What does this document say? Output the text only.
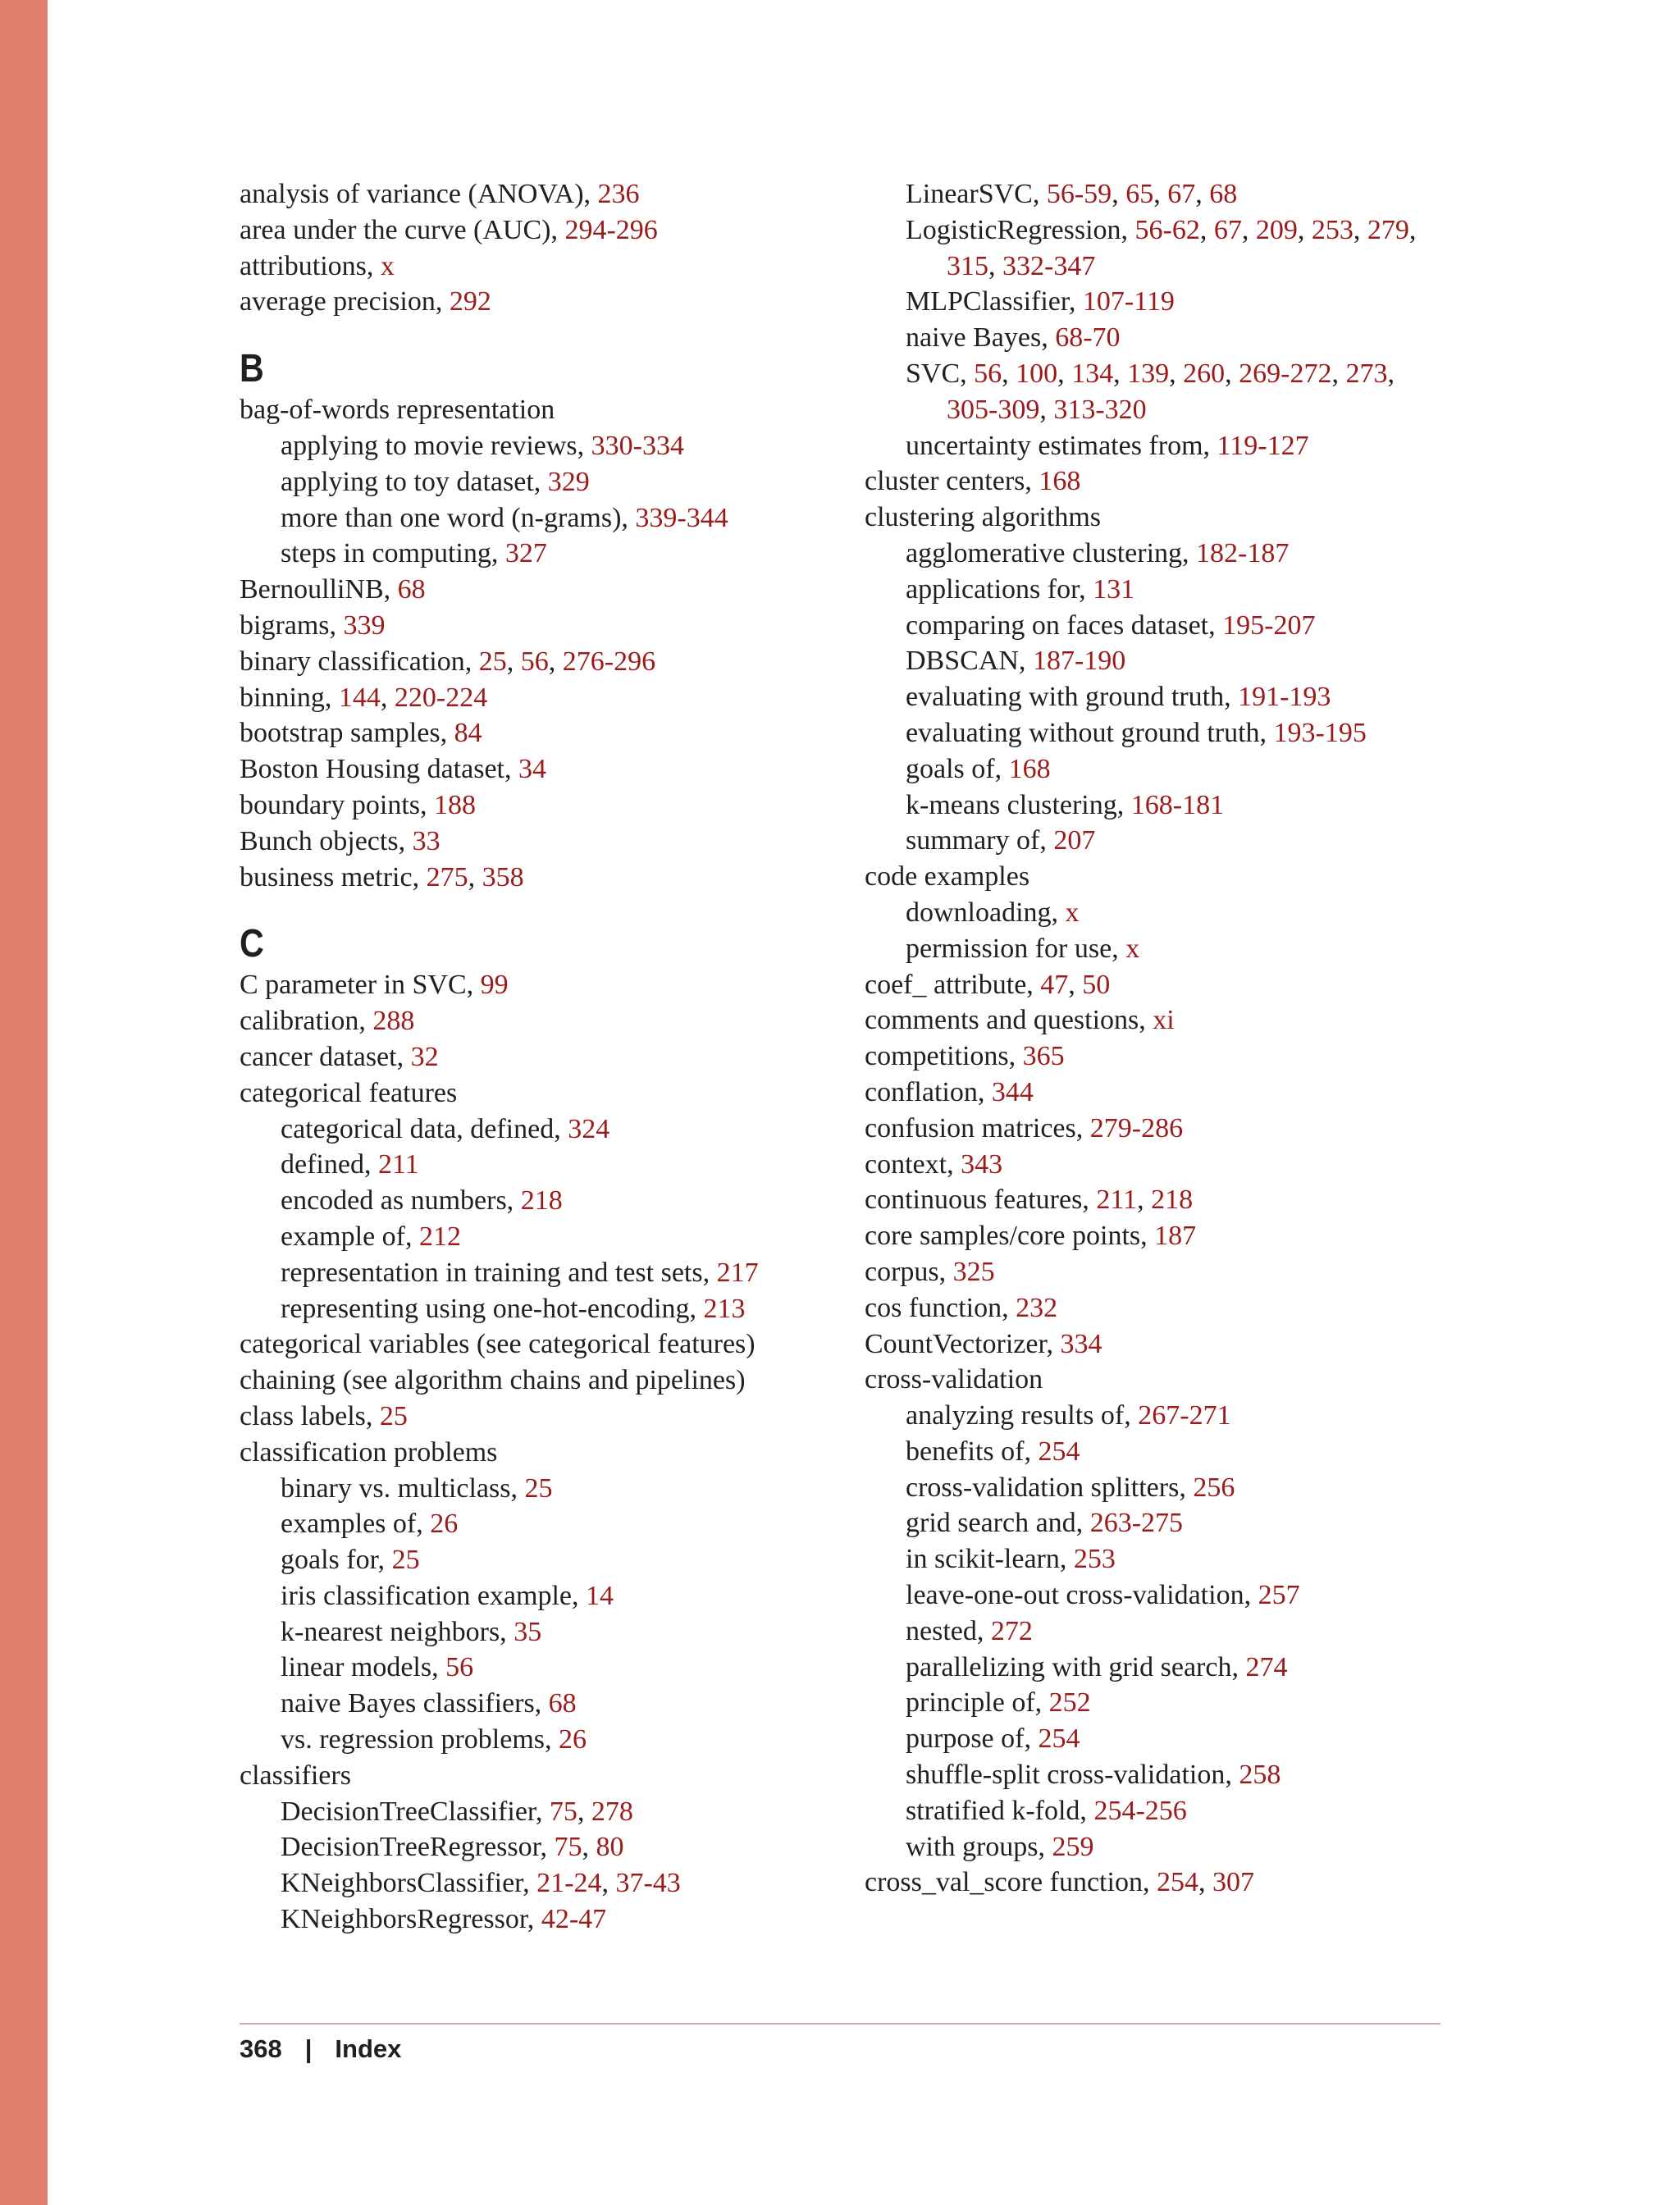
analysis of variance (ANOVA), 236
area under the curve (AUC), 294-296
attributions, x
average precision, 292
B
bag-of-words representation
applying to movie reviews, 330-334
applying to toy dataset, 329
more than one word (n-grams), 339-344
steps in computing, 327
BernoulliNB, 68
bigrams, 339
binary classification, 25, 56, 276-296
binning, 144, 220-224
bootstrap samples, 84
Boston Housing dataset, 34
boundary points, 188
Bunch objects, 33
business metric, 275, 358
C
C parameter in SVC, 99
calibration, 288
cancer dataset, 32
categorical features
categorical data, defined, 324
defined, 211
encoded as numbers, 218
example of, 212
representation in training and test sets, 217
representing using one-hot-encoding, 213
categorical variables (see categorical features)
chaining (see algorithm chains and pipelines)
class labels, 25
classification problems
binary vs. multiclass, 25
examples of, 26
goals for, 25
iris classification example, 14
k-nearest neighbors, 35
linear models, 56
naive Bayes classifiers, 68
vs. regression problems, 26
classifiers
DecisionTreeClassifier, 75, 278
DecisionTreeRegressor, 75, 80
KNeighborsClassifier, 21-24, 37-43
KNeighborsRegressor, 42-47
LinearSVC, 56-59, 65, 67, 68
LogisticRegression, 56-62, 67, 209, 253, 279,
315, 332-347
MLPClassifier, 107-119
naive Bayes, 68-70
SVC, 56, 100, 134, 139, 260, 269-272, 273,
305-309, 313-320
uncertainty estimates from, 119-127
cluster centers, 168
clustering algorithms
agglomerative clustering, 182-187
applications for, 131
comparing on faces dataset, 195-207
DBSCAN, 187-190
evaluating with ground truth, 191-193
evaluating without ground truth, 193-195
goals of, 168
k-means clustering, 168-181
summary of, 207
code examples
downloading, x
permission for use, x
coef_ attribute, 47, 50
comments and questions, xi
competitions, 365
conflation, 344
confusion matrices, 279-286
context, 343
continuous features, 211, 218
core samples/core points, 187
corpus, 325
cos function, 232
CountVectorizer, 334
cross-validation
analyzing results of, 267-271
benefits of, 254
cross-validation splitters, 256
grid search and, 263-275
in scikit-learn, 253
leave-one-out cross-validation, 257
nested, 272
parallelizing with grid search, 274
principle of, 252
purpose of, 254
shuffle-split cross-validation, 258
stratified k-fold, 254-256
with groups, 259
cross_val_score function, 254, 307
368 | Index
